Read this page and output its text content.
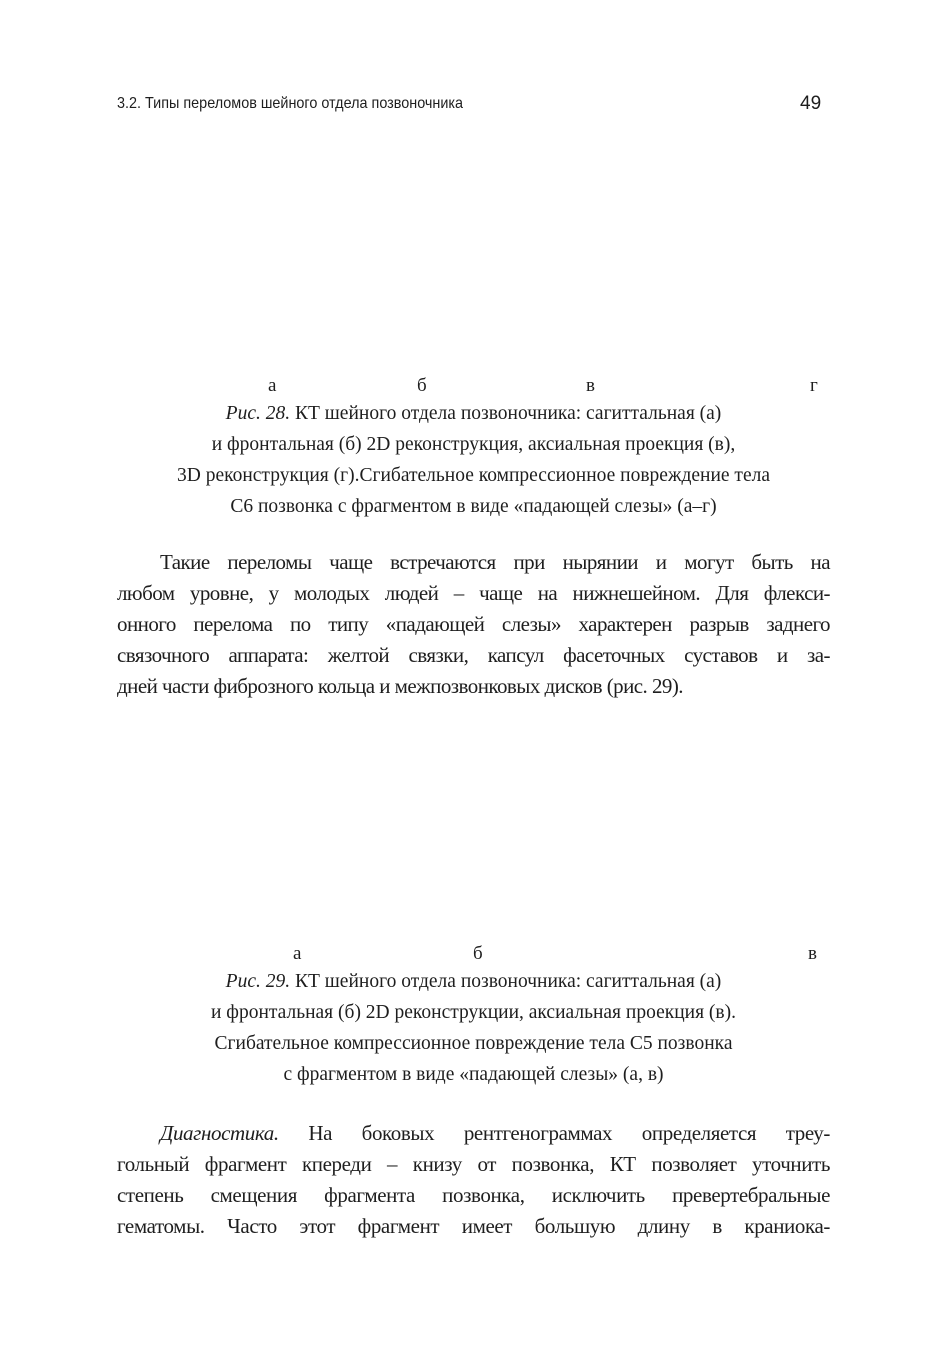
3.2. Типы переломов шейного отдела позвоночника	49
а	б	в	г
Рис. 28. КТ шейного отдела позвоночника: сагиттальная (а)
и фронтальная (б) 2D реконструкция, аксиальная проекция (в),
3D реконструкция (г).Сгибательное компрессионное повреждение тела
С6 позвонка с фрагментом в виде «падающей слезы» (а–г)
Такие переломы чаще встречаются при нырянии и могут быть на
любом уровне, у молодых людей – чаще на нижнешейном. Для флекси-
онного перелома по типу «падающей слезы» характерен разрыв заднего
связочного аппарата: желтой связки, капсул фасеточных суставов и за-
дней части фиброзного кольца и межпозвонковых дисков (рис. 29).
а	б	в
Рис. 29. КТ шейного отдела позвоночника: сагиттальная (а)
и фронтальная (б) 2D реконструкции, аксиальная проекция (в).
Сгибательное компрессионное повреждение тела С5 позвонка
с фрагментом в виде «падающей слезы» (а, в)
Диагностика. На боковых рентгенограммах определяется треу-
гольный фрагмент кпереди – книзу от позвонка, КТ позволяет уточнить
степень смещения фрагмента позвонка, исключить превертебральные
гематомы. Часто этот фрагмент имеет большую длину в краниока-
